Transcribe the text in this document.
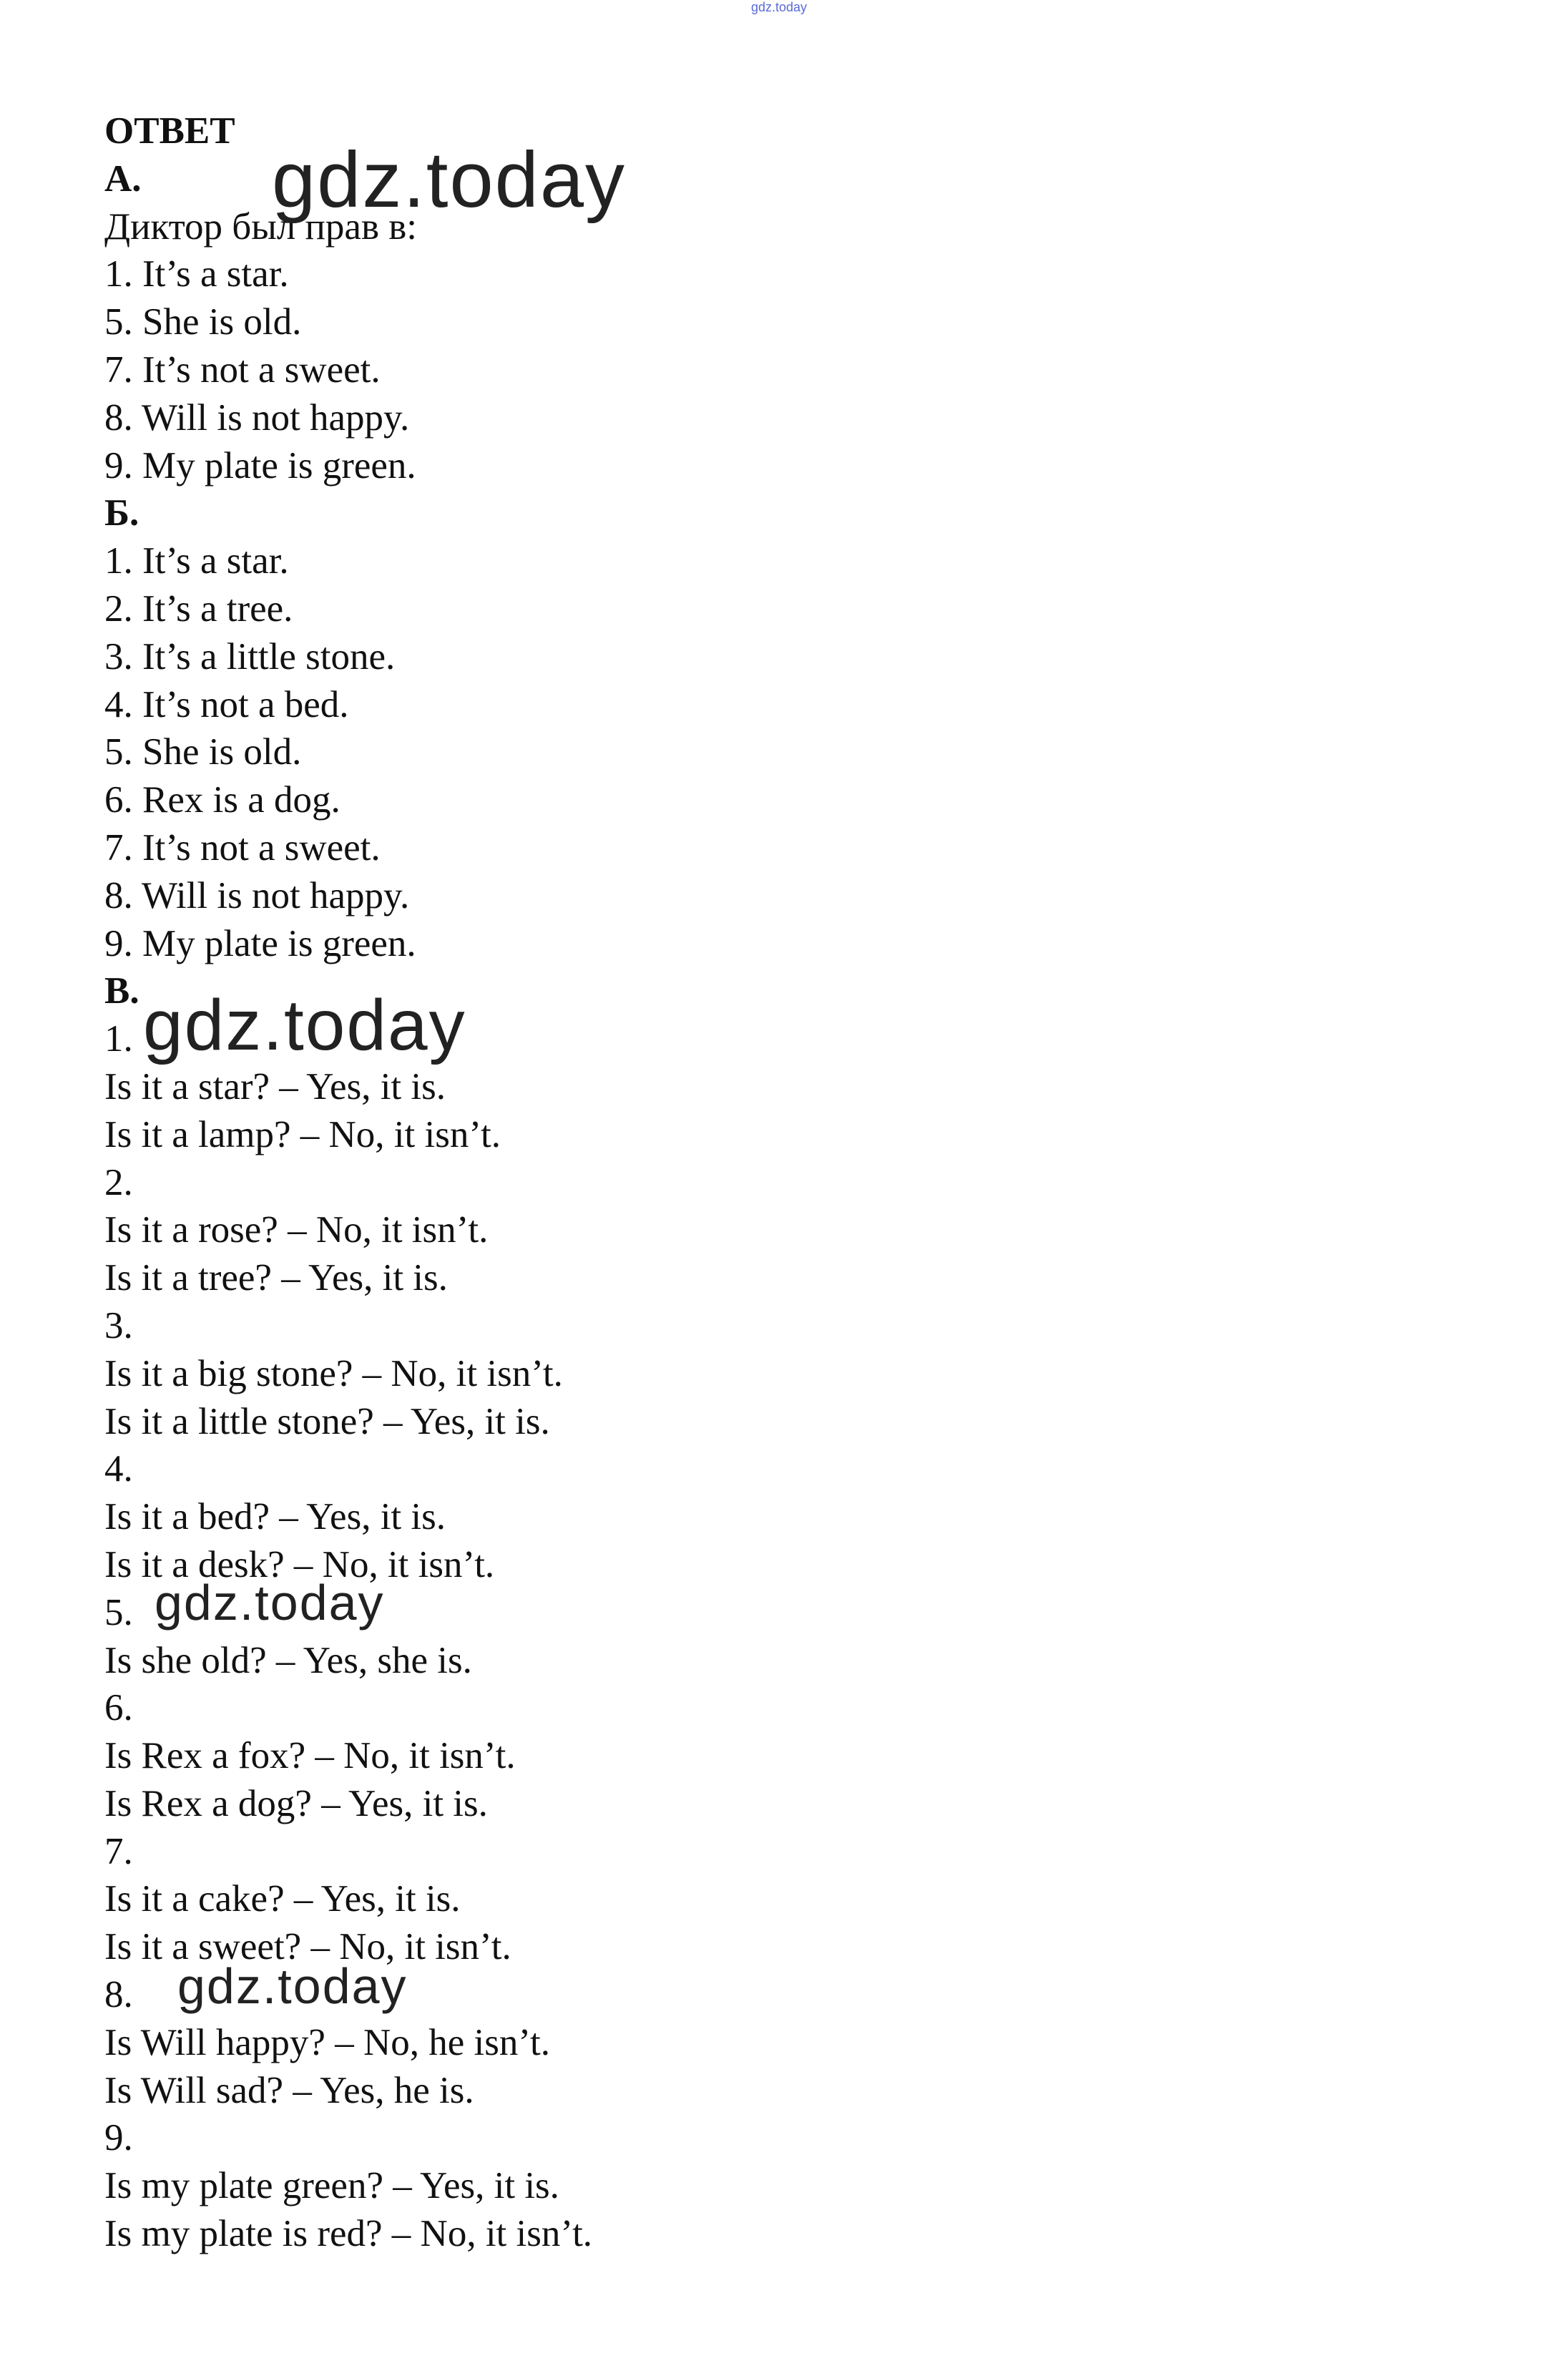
gdz.today
ОТВЕТ
А.
Диктор был прав в:
1. It’s a star.
5. She is old.
7. It’s not a sweet.
8. Will is not happy.
9. My plate is green.
Б.
1. It’s a star.
2. It’s a tree.
3. It’s a little stone.
4. It’s not a bed.
5. She is old.
6. Rex is a dog.
7. It’s not a sweet.
8. Will is not happy.
9. My plate is green.
В.
1.
Is it a star? – Yes, it is.
Is it a lamp? – No, it isn’t.
2.
Is it a rose? – No, it isn’t.
Is it a tree? – Yes, it is.
3.
Is it a big stone? – No, it isn’t.
Is it a little stone? – Yes, it is.
4.
Is it a bed? – Yes, it is.
Is it a desk? – No, it isn’t.
5.
Is she old? – Yes, she is.
6.
Is Rex a fox? – No, it isn’t.
Is Rex a dog? – Yes, it is.
7.
Is it a cake? – Yes, it is.
Is it a sweet? – No, it isn’t.
8.
Is Will happy? – No, he isn’t.
Is Will sad? – Yes, he is.
9.
Is my plate green? – Yes, it is.
Is my plate is red? – No, it isn’t.
gdz.today
gdz.today
gdz.today
gdz.today
